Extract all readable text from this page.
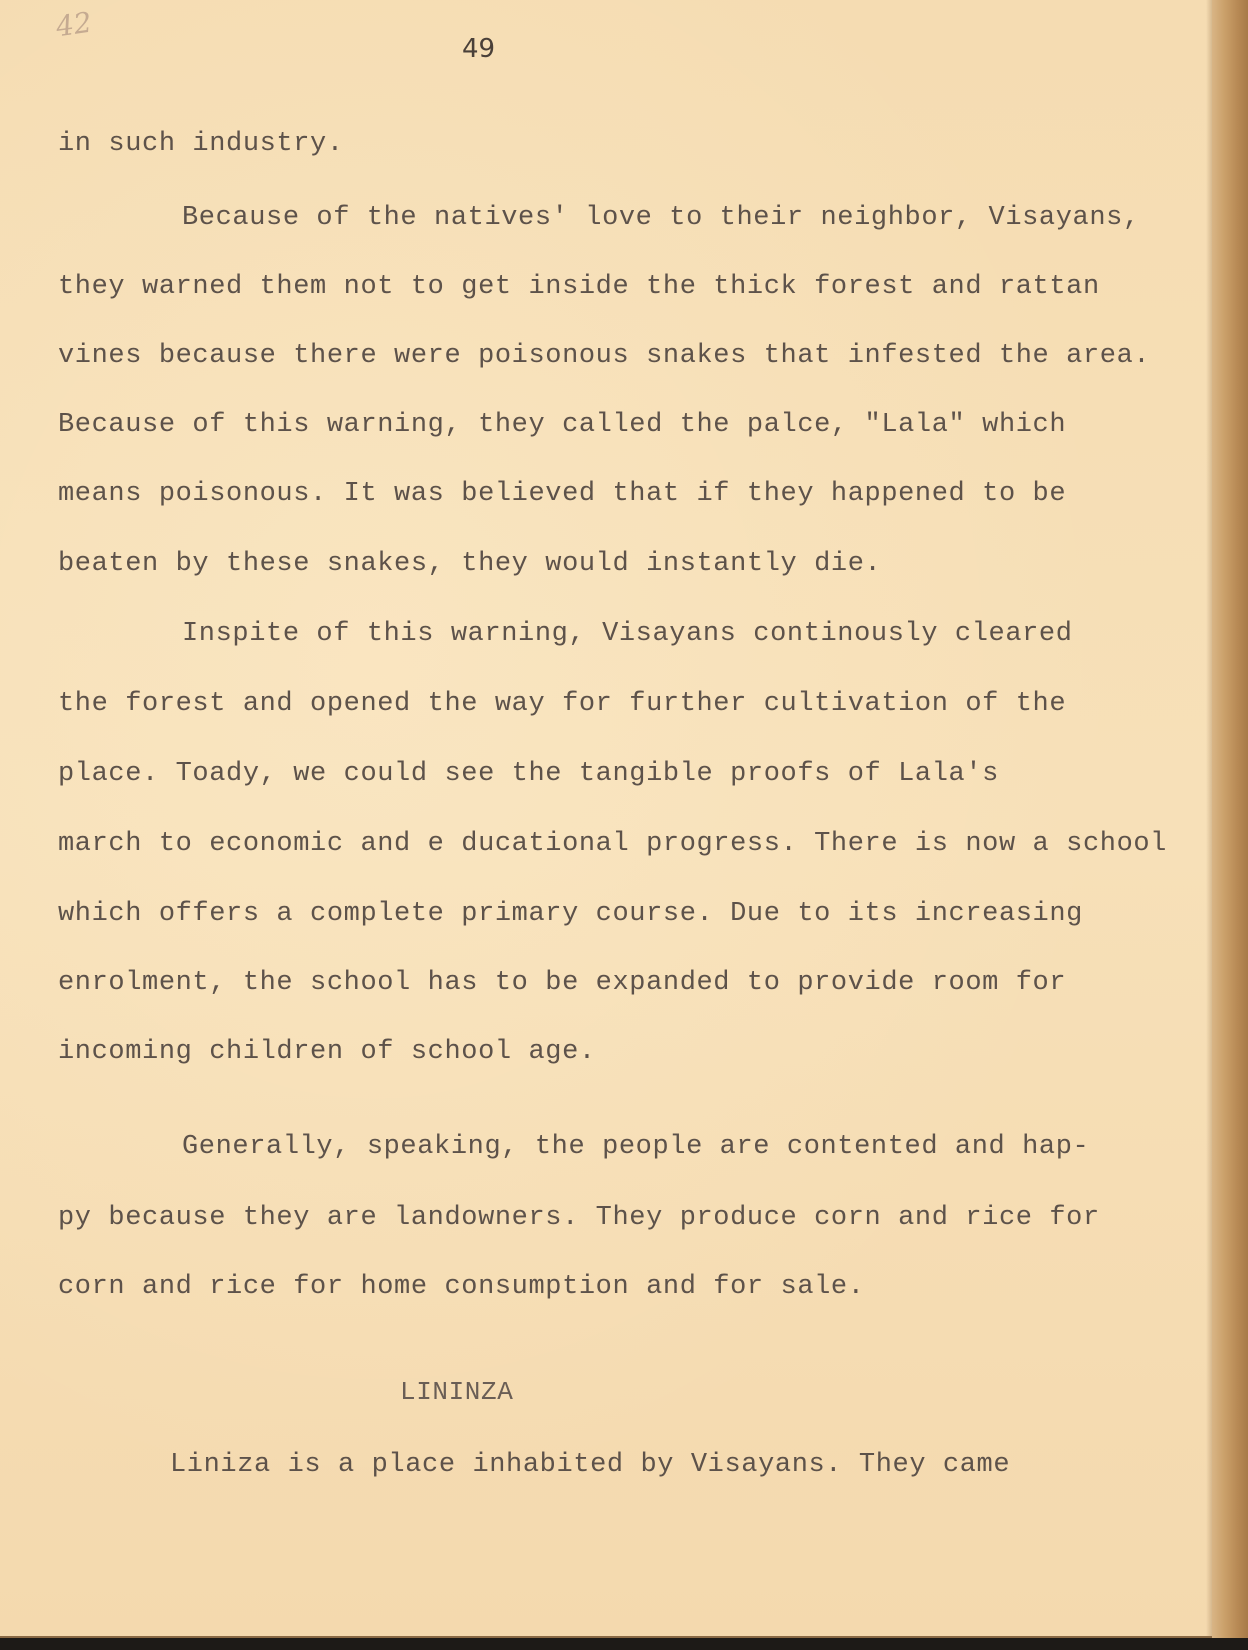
42
49
in such industry.
Because of the natives' love to their neighbor, Visayans,
they warned them not to get inside the thick forest and rattan
vines because there were poisonous snakes that infested the area.
Because of this warning, they called the palce, "Lala" which
means poisonous. It was believed that if they happened to be
beaten by these snakes, they would instantly die.
Inspite of this warning, Visayans continously cleared
the forest and opened the way for further cultivation of the
place. Toady, we could see the tangible proofs of Lala's
march to economic and e ducational progress. There is now a school
which offers a complete primary course. Due to its increasing
enrolment, the school has to be expanded to provide room for
incoming children of school age.
Generally, speaking, the people are contented and hap-
py because they are landowners. They produce corn and rice for
corn and rice for home consumption and for sale.
LININZA
Liniza is a place inhabited by Visayans. They came
